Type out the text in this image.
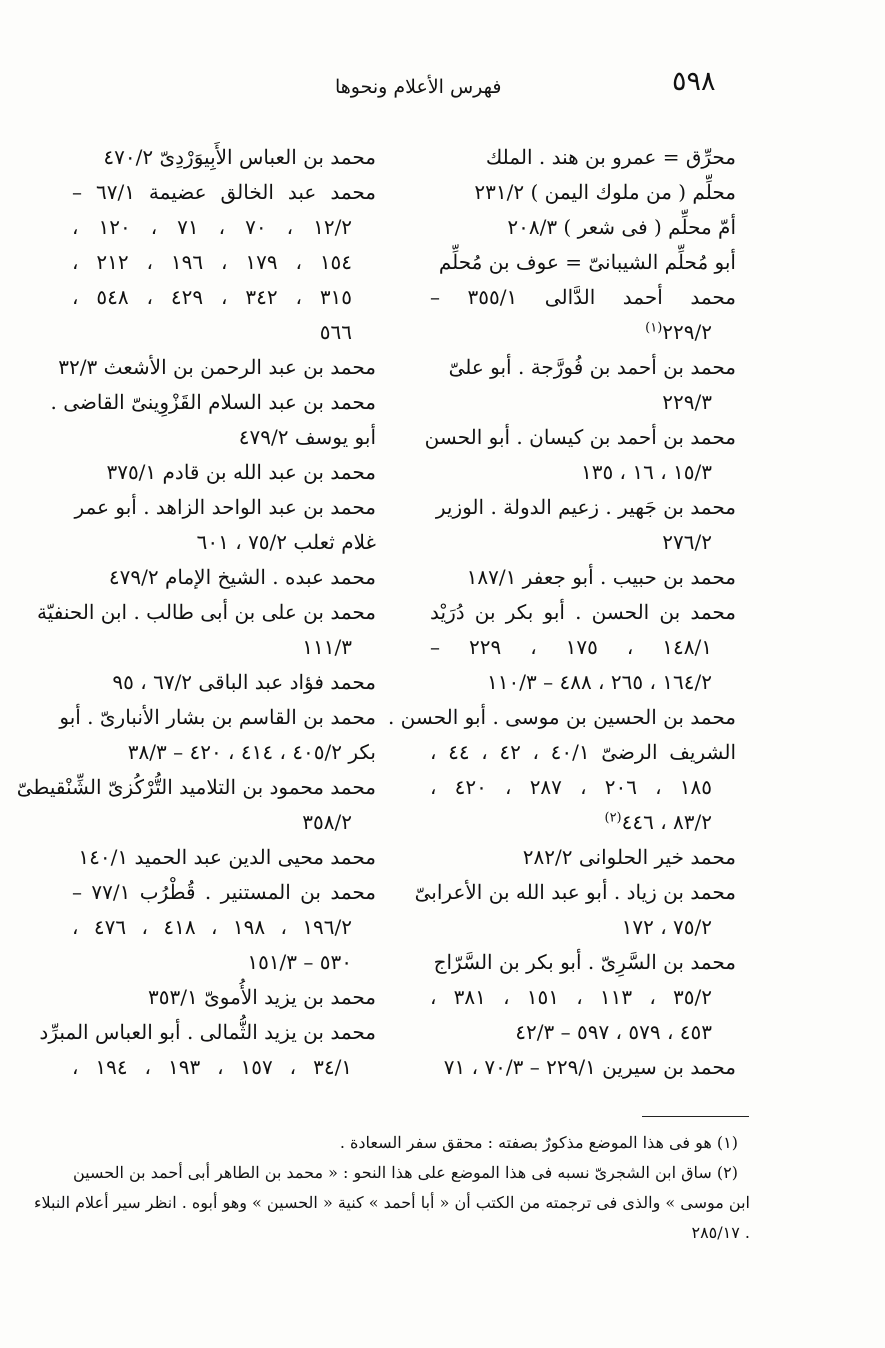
٥٩٨
فهرس الأعلام ونحوها
محرِّق = عمرو بن هند . الملك
محلِّم ( من ملوك اليمن ) ٢٣١/٢
أمّ محلِّم ( فى شعر ) ٢٠٨/٣
أبو مُحلِّم الشيبانىّ = عوف بن مُحلِّم
محمد أحمد الدَّالى ٣٥٥/١ –
٢٢٩/٢$^{(١)}$
محمد بن أحمد بن فُورَّجة . أبو علىّ
٢٢٩/٣
محمد بن أحمد بن كيسان . أبو الحسن
١٥/٣ ، ١٦ ، ١٣٥
محمد بن جَهير . زعيم الدولة . الوزير
٢٧٦/٢
محمد بن حبيب . أبو جعفر ١٨٧/١
محمد بن الحسن . أبو بكر بن دُرَيْد
١٤٨/١ ، ١٧٥ ، ٢٢٩ –
١٦٤/٢ ، ٢٦٥ ، ٤٨٨ – ١١٠/٣
محمد بن الحسين بن موسى . أبو الحسن .
الشريف الرضىّ ٤٠/١ ، ٤٢ ، ٤٤ ،
١٨٥ ، ٢٠٦ ، ٢٨٧ ، ٤٢٠ ،
٨٣/٢ ، ٤٤٦$^{(٢)}$
محمد خير الحلوانى ٢٨٢/٢
محمد بن زياد . أبو عبد الله بن الأعرابىّ
٧٥/٢ ، ١٧٢
محمد بن السَّرِىّ . أبو بكر بن السَّرّاج
٣٥/٢ ، ١١٣ ، ١٥١ ، ٣٨١ ،
٤٥٣ ، ٥٧٩ ، ٥٩٧ – ٤٢/٣
محمد بن سيرين ٢٢٩/١ – ٧٠/٣ ، ٧١
محمد بن العباس الأَبِيوَرْدِىّ ٤٧٠/٢
محمد عبد الخالق عضيمة ٦٧/١ –
١٢/٢ ، ٧٠ ، ٧١ ، ١٢٠ ،
١٥٤ ، ١٧٩ ، ١٩٦ ، ٢١٢ ،
٣١٥ ، ٣٤٢ ، ٤٢٩ ، ٥٤٨ ،
٥٦٦
محمد بن عبد الرحمن بن الأشعث ٣٢/٣
محمد بن عبد السلام القَزْوِينىّ القاضى .
أبو يوسف ٤٧٩/٢
محمد بن عبد الله بن قادم ٣٧٥/١
محمد بن عبد الواحد الزاهد . أبو عمر
غلام ثعلب ٧٥/٢ ، ٦٠١
محمد عبده . الشيخ الإمام ٤٧٩/٢
محمد بن على بن أبى طالب . ابن الحنفيّة
١١١/٣
محمد فؤاد عبد الباقى ٦٧/٢ ، ٩٥
محمد بن القاسم بن بشار الأنبارىّ . أبو
بكر ٤٠٥/٢ ، ٤١٤ ، ٤٢٠ – ٣٨/٣
محمد محمود بن التلاميد التُّرْكُزىّ الشِّنْقيطىّ
٣٥٨/٢
محمد محيى الدين عبد الحميد ١٤٠/١
محمد بن المستنير . قُطْرُب ٧٧/١ –
١٩٦/٢ ، ١٩٨ ، ٤١٨ ، ٤٧٦ ،
٥٣٠ – ١٥١/٣
محمد بن يزيد الأُموىّ ٣٥٣/١
محمد بن يزيد الثُّمالى . أبو العباس المبرِّد
٣٤/١ ، ١٥٧ ، ١٩٣ ، ١٩٤ ،
(١) هو فى هذا الموضع مذكورٌ بصفته : محقق سفر السعادة .
(٢) ساق ابن الشجرىّ نسبه فى هذا الموضع على هذا النحو : « محمد بن الطاهر أبى أحمد بن الحسين
ابن موسى » والذى فى ترجمته من الكتب أن « أبا أحمد » كنية « الحسين » وهو أبوه . انظر سير أعلام النبلاء
. ٢٨٥/١٧
